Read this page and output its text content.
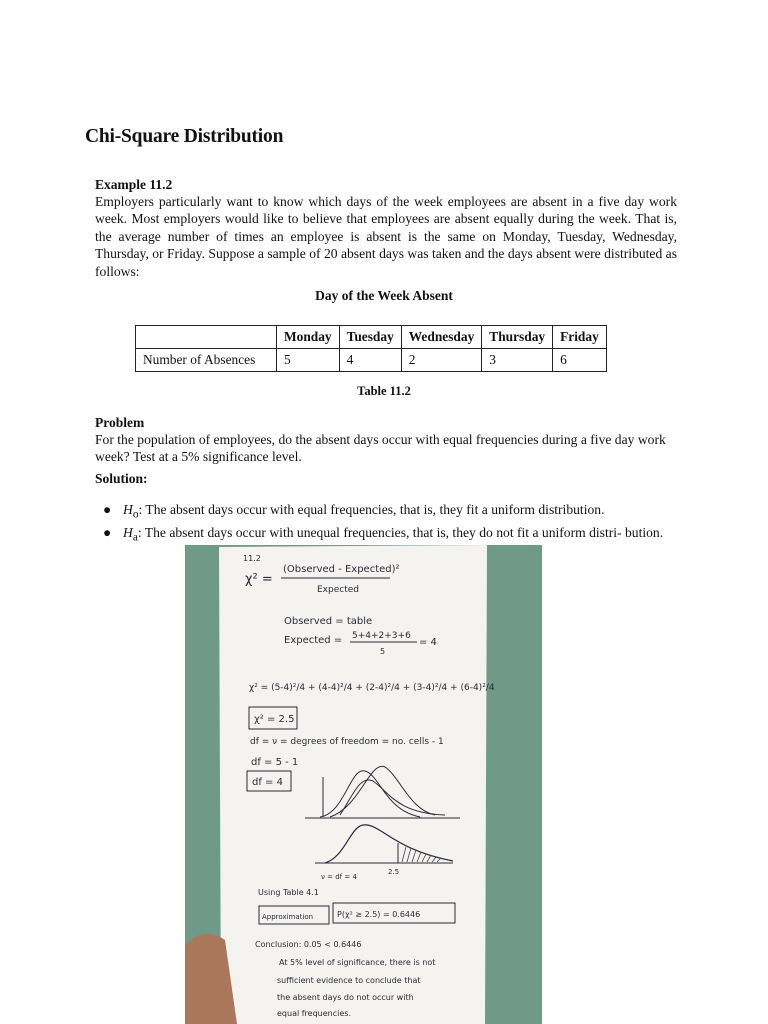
Chi-Square Distribution
Example 11.2

Employers particularly want to know which days of the week employees are absent in a five day work week. Most employers would like to believe that employees are absent equally during the week. That is, the average number of times an employee is absent is the same on Monday, Tuesday, Wednesday, Thursday, or Friday. Suppose a sample of 20 absent days was taken and the days absent were distributed as follows:

Day of the Week Absent
	Monday	Tuesday	Wednesday	Thursday	Friday
Number of Absences	5	4	2	3	6
Table 11.2
Problem

For the population of employees, do the absent days occur with equal frequencies during a five day work week? Test at a 5% significance level.

Solution:
● $H_o$: The absent days occur with equal frequencies, that is, they fit a uniform distribution.
● $H_a$: The absent days occur with unequal frequencies, that is, they do not fit a uniform distri- bution.
11.2
χ² =
(Observed - Expected)²
Expected
Observed = table
Expected = 5+4+2+3+6
5
= 4
χ² = (5-4)²/4 + (4-4)²/4 + (2-4)²/4 + (3-4)²/4 + (6-4)²/4
χ² = 2.5
df = ν = degrees of freedom = no. cells - 1
df = 5 - 1
df = 4
ν = df = 4
2.5
Using Table 4.1
Approximation	P(χ² ≥ 2.5) = 0.6446
Conclusion: 0.05 < 0.6446
At 5% level of significance, there is not
sufficient evidence to conclude that
the absent days do not occur with
equal frequencies.
